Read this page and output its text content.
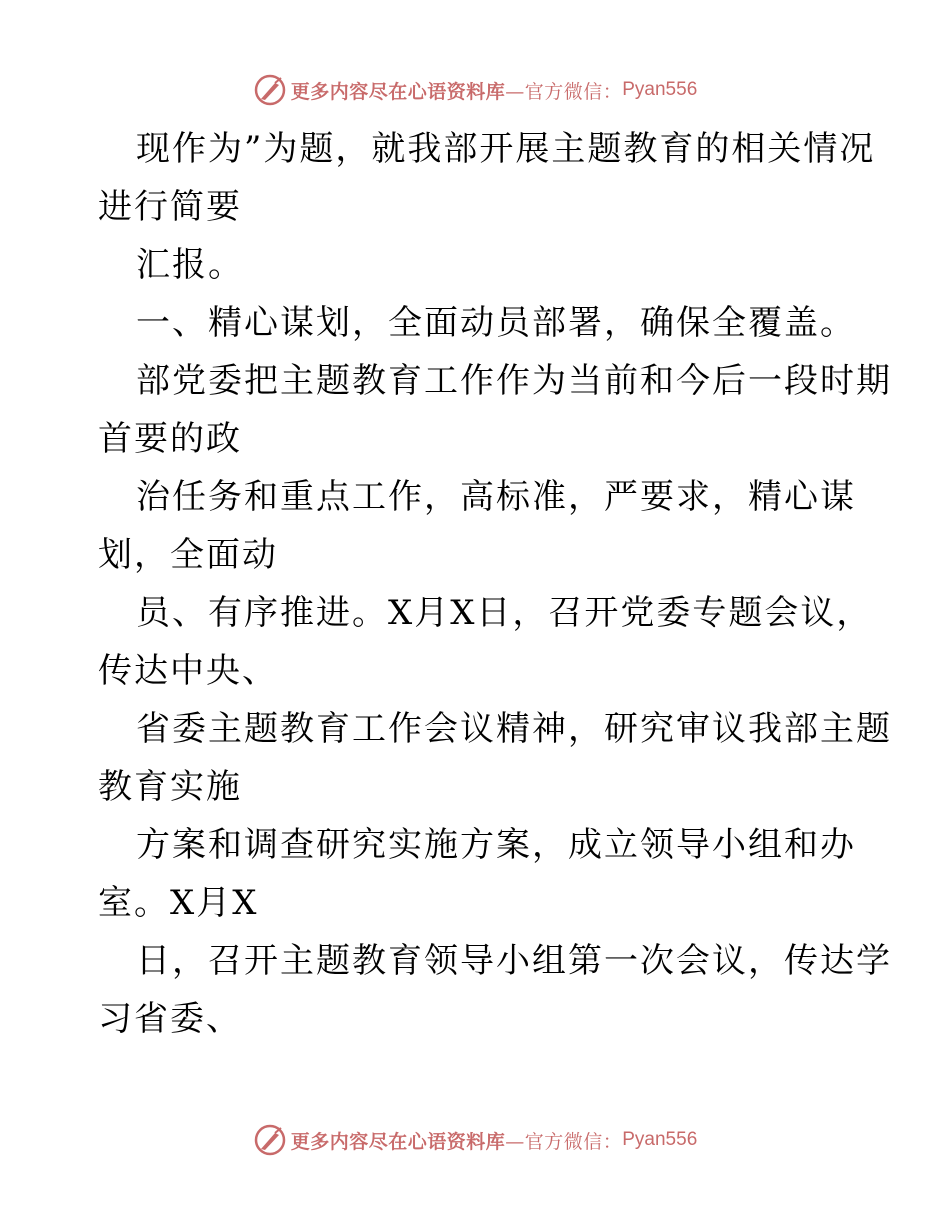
更多内容尽在心语资料库 —官方微信： Pyan556
现作为”为题，就我部开展主题教育的相关情况
进行简要
汇报。
一、精心谋划，全面动员部署，确保全覆盖。
部党委把主题教育工作作为当前和今后一段时期
首要的政
治任务和重点工作，高标准，严要求，精心谋
划，全面动
员、有序推进。X月X日，召开党委专题会议，
传达中央、
省委主题教育工作会议精神，研究审议我部主题
教育实施
方案和调查研究实施方案，成立领导小组和办
室。X月X
日，召开主题教育领导小组第一次会议，传达学
习省委、
更多内容尽在心语资料库 —官方微信： Pyan556
